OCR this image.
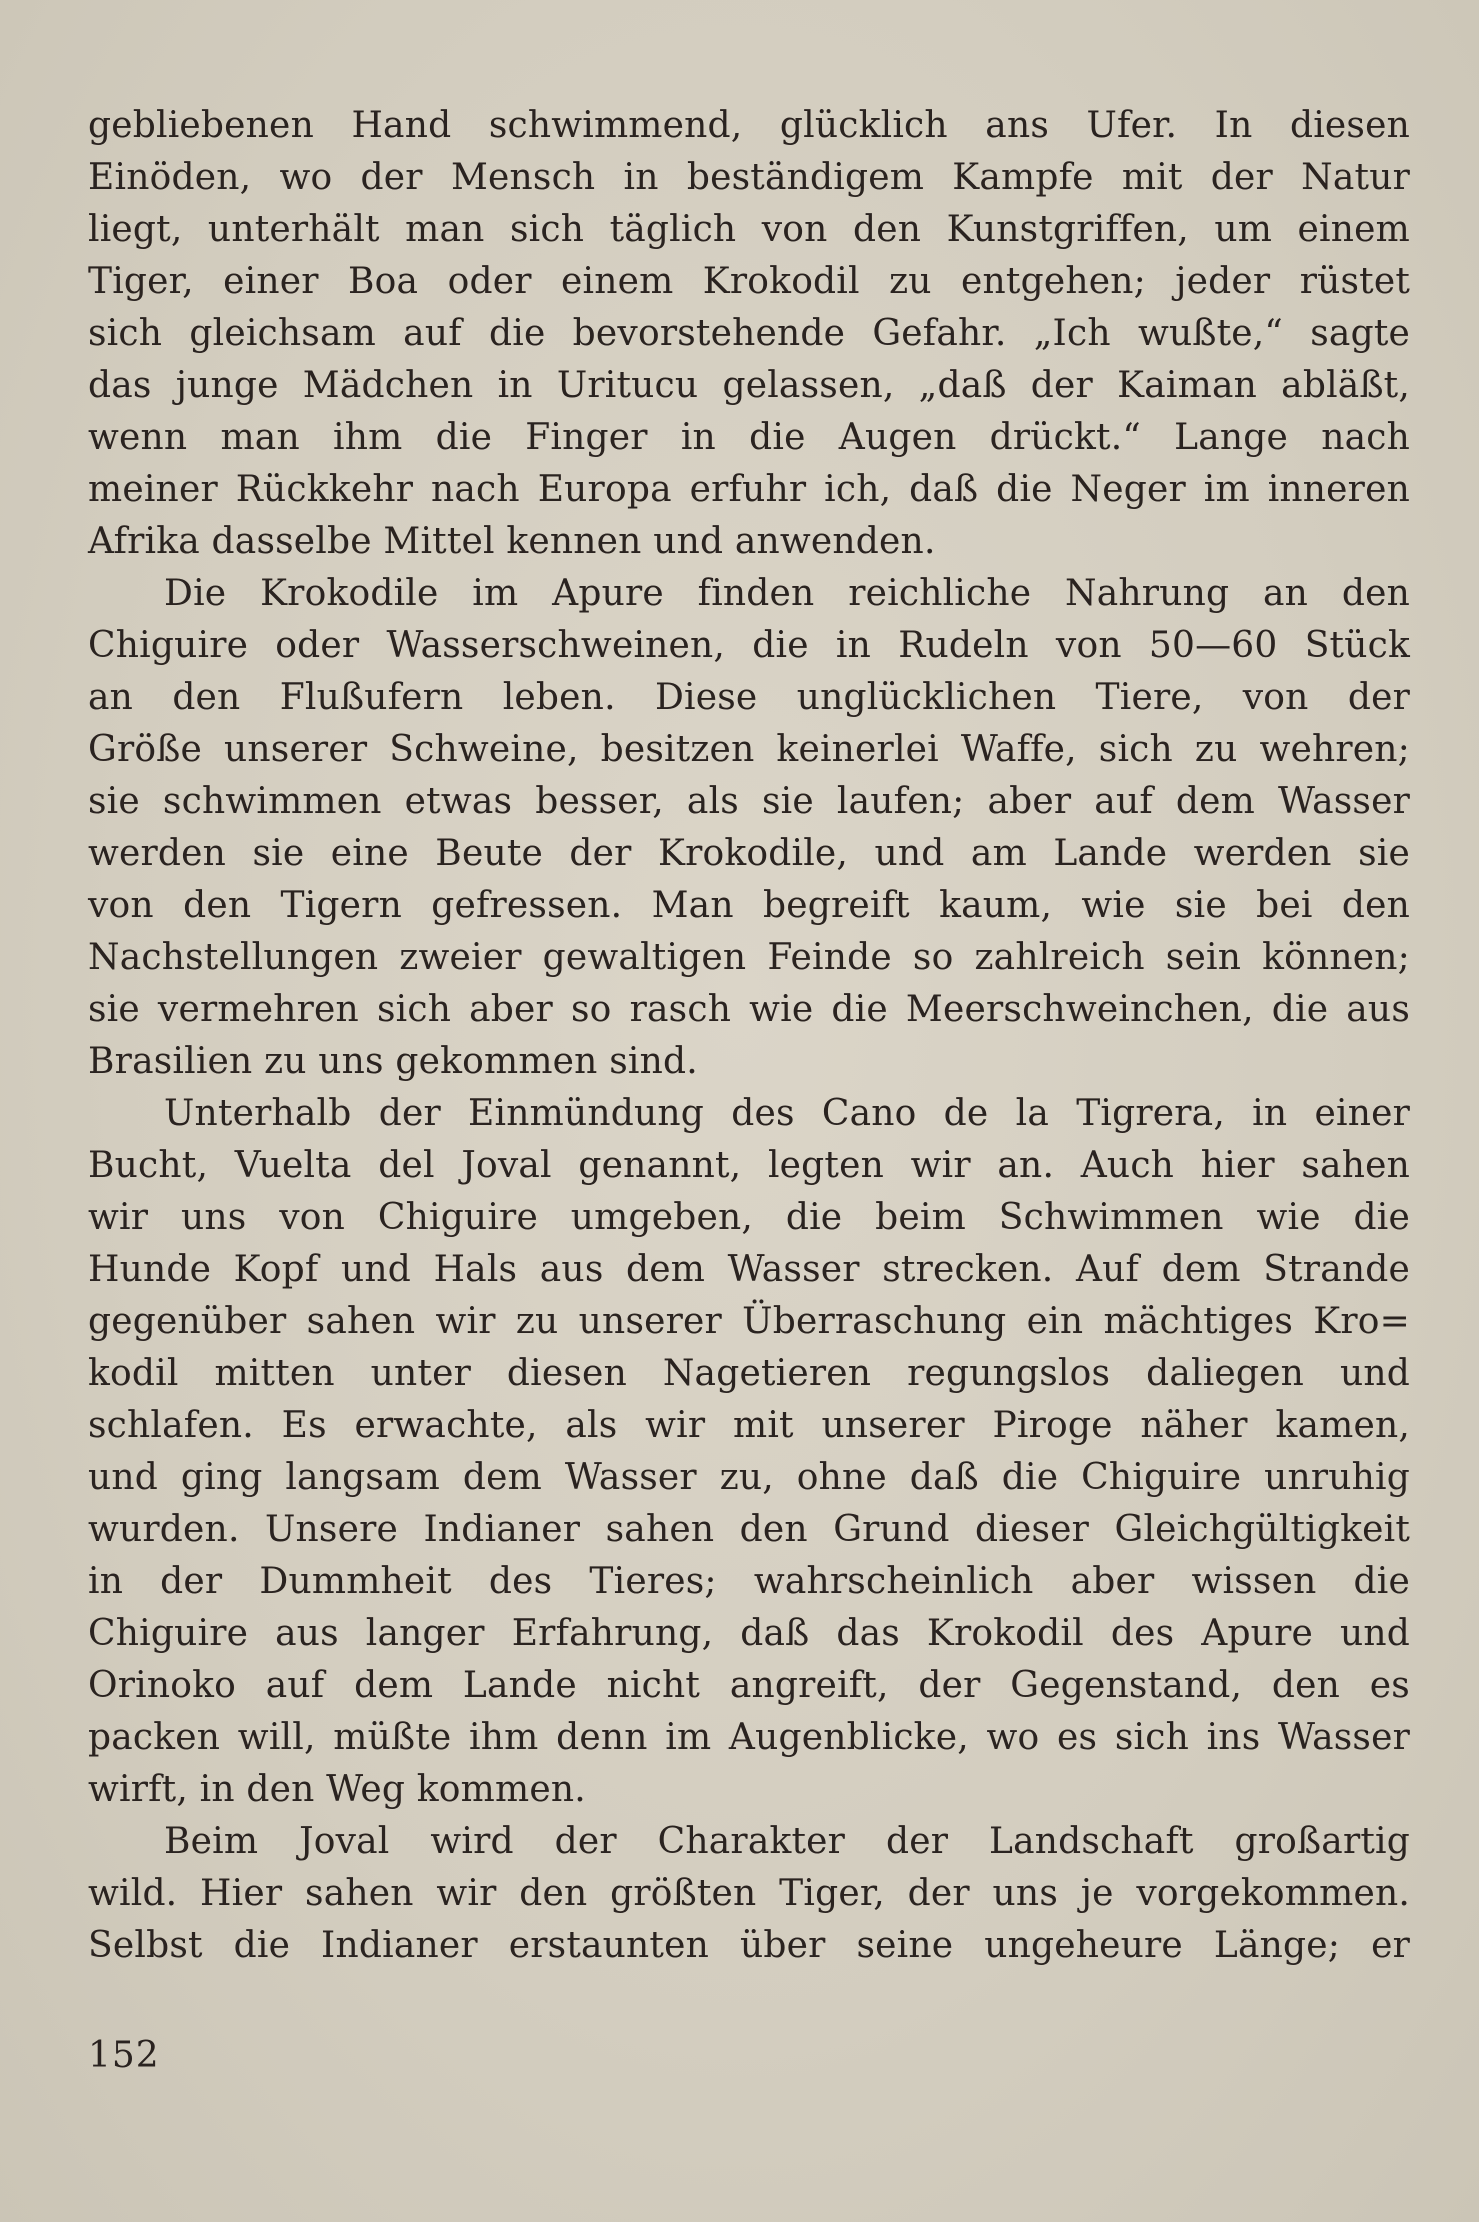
gebliebenen Hand schwimmend, glücklich ans Ufer. In diesen
Einöden, wo der Mensch in beständigem Kampfe mit der Natur
liegt, unterhält man sich täglich von den Kunstgriffen, um einem
Tiger, einer Boa oder einem Krokodil zu entgehen; jeder rüstet
sich gleichsam auf die bevorstehende Gefahr. „Ich wußte,“ sagte
das junge Mädchen in Uritucu gelassen, „daß der Kaiman abläßt,
wenn man ihm die Finger in die Augen drückt.“ Lange nach
meiner Rückkehr nach Europa erfuhr ich, daß die Neger im inneren
Afrika dasselbe Mittel kennen und anwenden.
Die Krokodile im Apure finden reichliche Nahrung an den
Chiguire oder Wasserschweinen, die in Rudeln von 50—60 Stück
an den Flußufern leben. Diese unglücklichen Tiere, von der
Größe unserer Schweine, besitzen keinerlei Waffe, sich zu wehren;
sie schwimmen etwas besser, als sie laufen; aber auf dem Wasser
werden sie eine Beute der Krokodile, und am Lande werden sie
von den Tigern gefressen. Man begreift kaum, wie sie bei den
Nachstellungen zweier gewaltigen Feinde so zahlreich sein können;
sie vermehren sich aber so rasch wie die Meerschweinchen, die aus
Brasilien zu uns gekommen sind.
Unterhalb der Einmündung des Cano de la Tigrera, in einer
Bucht, Vuelta del Joval genannt, legten wir an. Auch hier sahen
wir uns von Chiguire umgeben, die beim Schwimmen wie die
Hunde Kopf und Hals aus dem Wasser strecken. Auf dem Strande
gegenüber sahen wir zu unserer Überraschung ein mächtiges Kro=
kodil mitten unter diesen Nagetieren regungslos daliegen und
schlafen. Es erwachte, als wir mit unserer Piroge näher kamen,
und ging langsam dem Wasser zu, ohne daß die Chiguire unruhig
wurden. Unsere Indianer sahen den Grund dieser Gleichgültigkeit
in der Dummheit des Tieres; wahrscheinlich aber wissen die
Chiguire aus langer Erfahrung, daß das Krokodil des Apure und
Orinoko auf dem Lande nicht angreift, der Gegenstand, den es
packen will, müßte ihm denn im Augenblicke, wo es sich ins Wasser
wirft, in den Weg kommen.
Beim Joval wird der Charakter der Landschaft großartig
wild. Hier sahen wir den größten Tiger, der uns je vorgekommen.
Selbst die Indianer erstaunten über seine ungeheure Länge; er
152
